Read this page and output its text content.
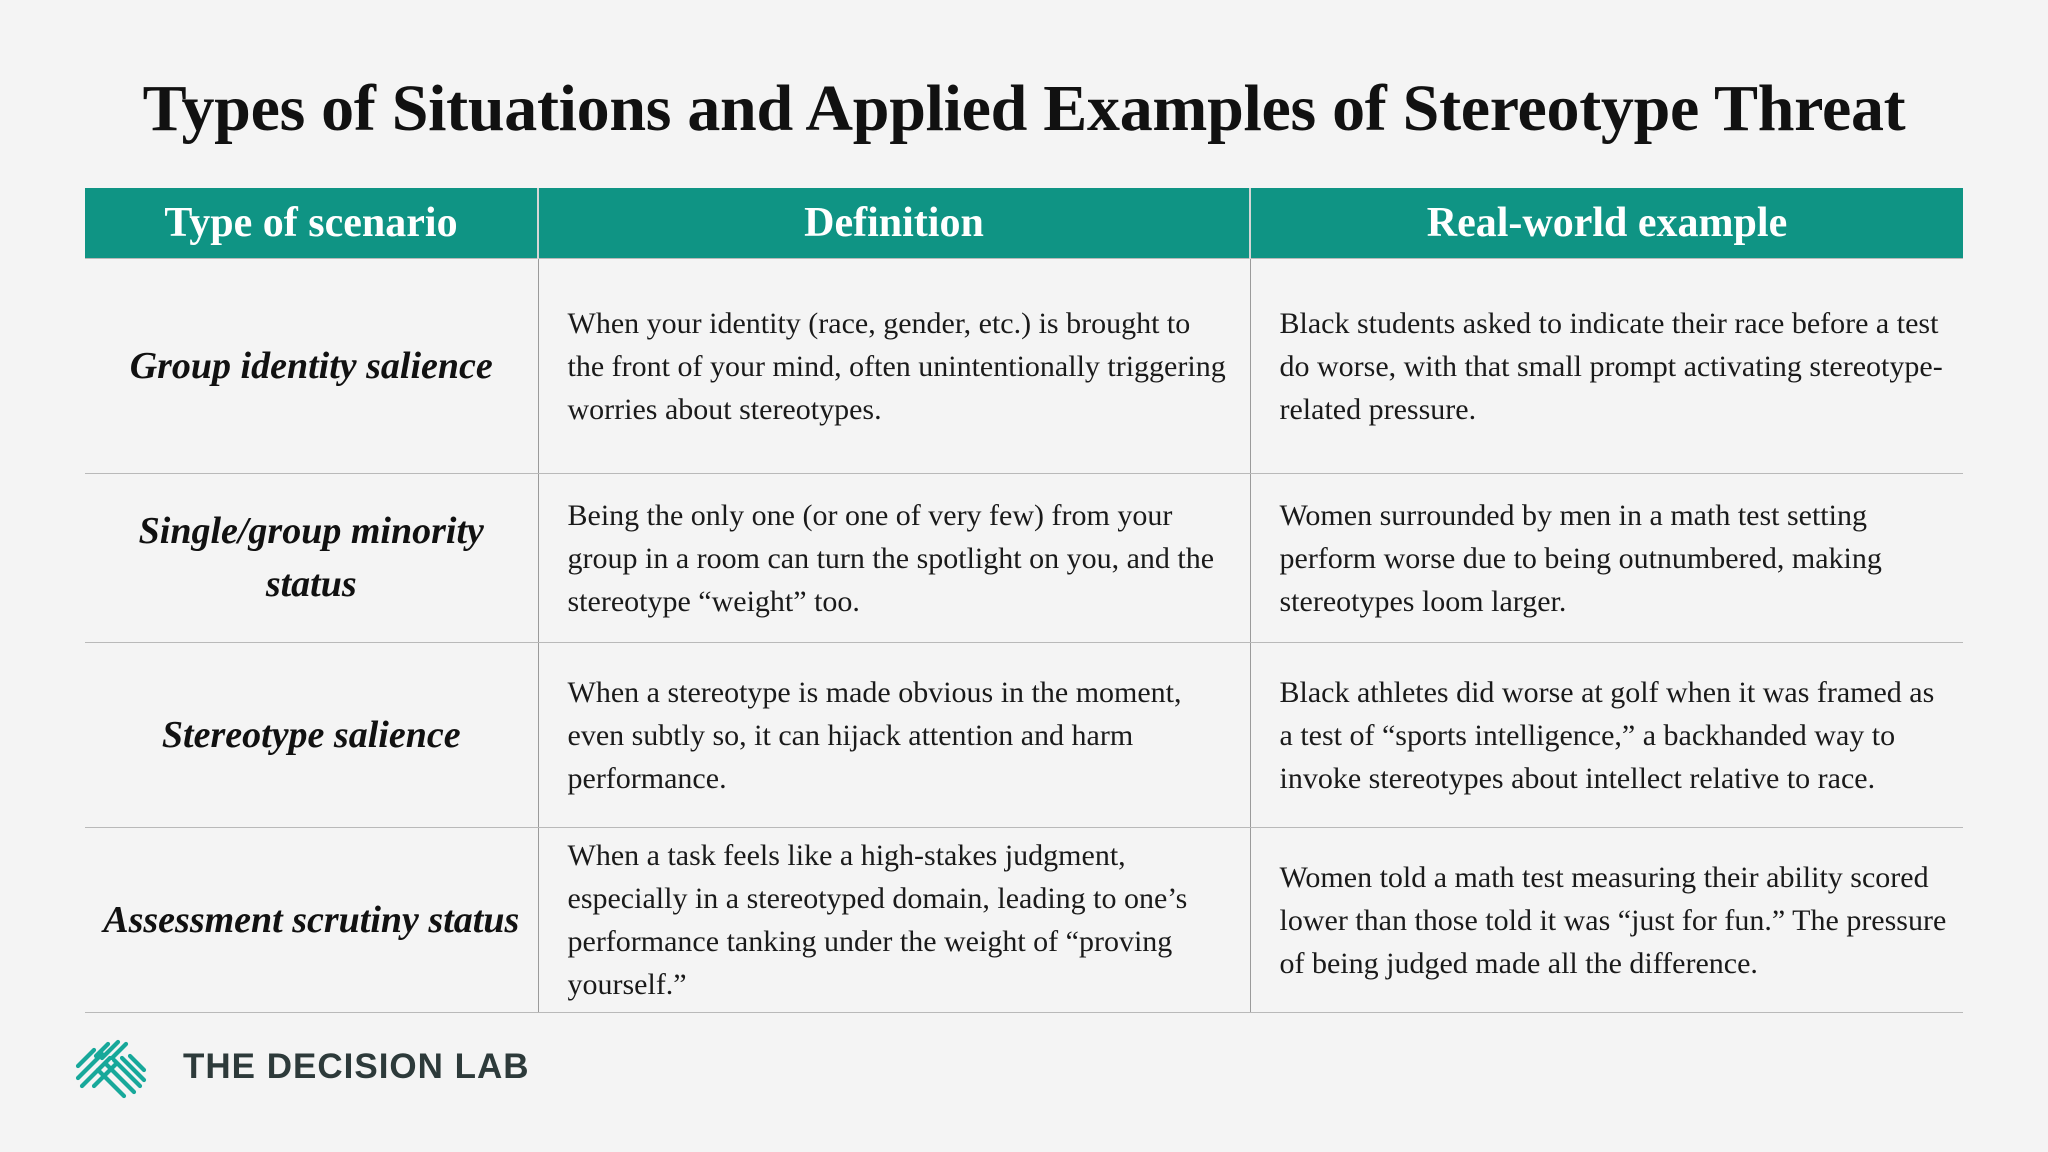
Types of Situations and Applied Examples of Stereotype Threat
Type of scenario	Definition	Real-world example
Group identity salience	When your identity (race, gender, etc.) is brought to the front of your mind, often unintentionally triggering worries about stereotypes.	Black students asked to indicate their race before a test do worse, with that small prompt activating stereotype-related pressure.
Single/group minority status	Being the only one (or one of very few) from your group in a room can turn the spotlight on you, and the stereotype “weight” too.	Women surrounded by men in a math test setting perform worse due to being outnumbered, making stereotypes loom larger.
Stereotype salience	When a stereotype is made obvious in the moment, even subtly so, it can hijack attention and harm performance.	Black athletes did worse at golf when it was framed as a test of “sports intelligence,” a backhanded way to invoke stereotypes about intellect relative to race.
Assessment scrutiny status	When a task feels like a high-stakes judgment, especially in a stereotyped domain, leading to one’s performance tanking under the weight of “proving yourself.”	Women told a math test measuring their ability scored lower than those told it was “just for fun.” The pressure of being judged made all the difference.
THE DECISION LAB
